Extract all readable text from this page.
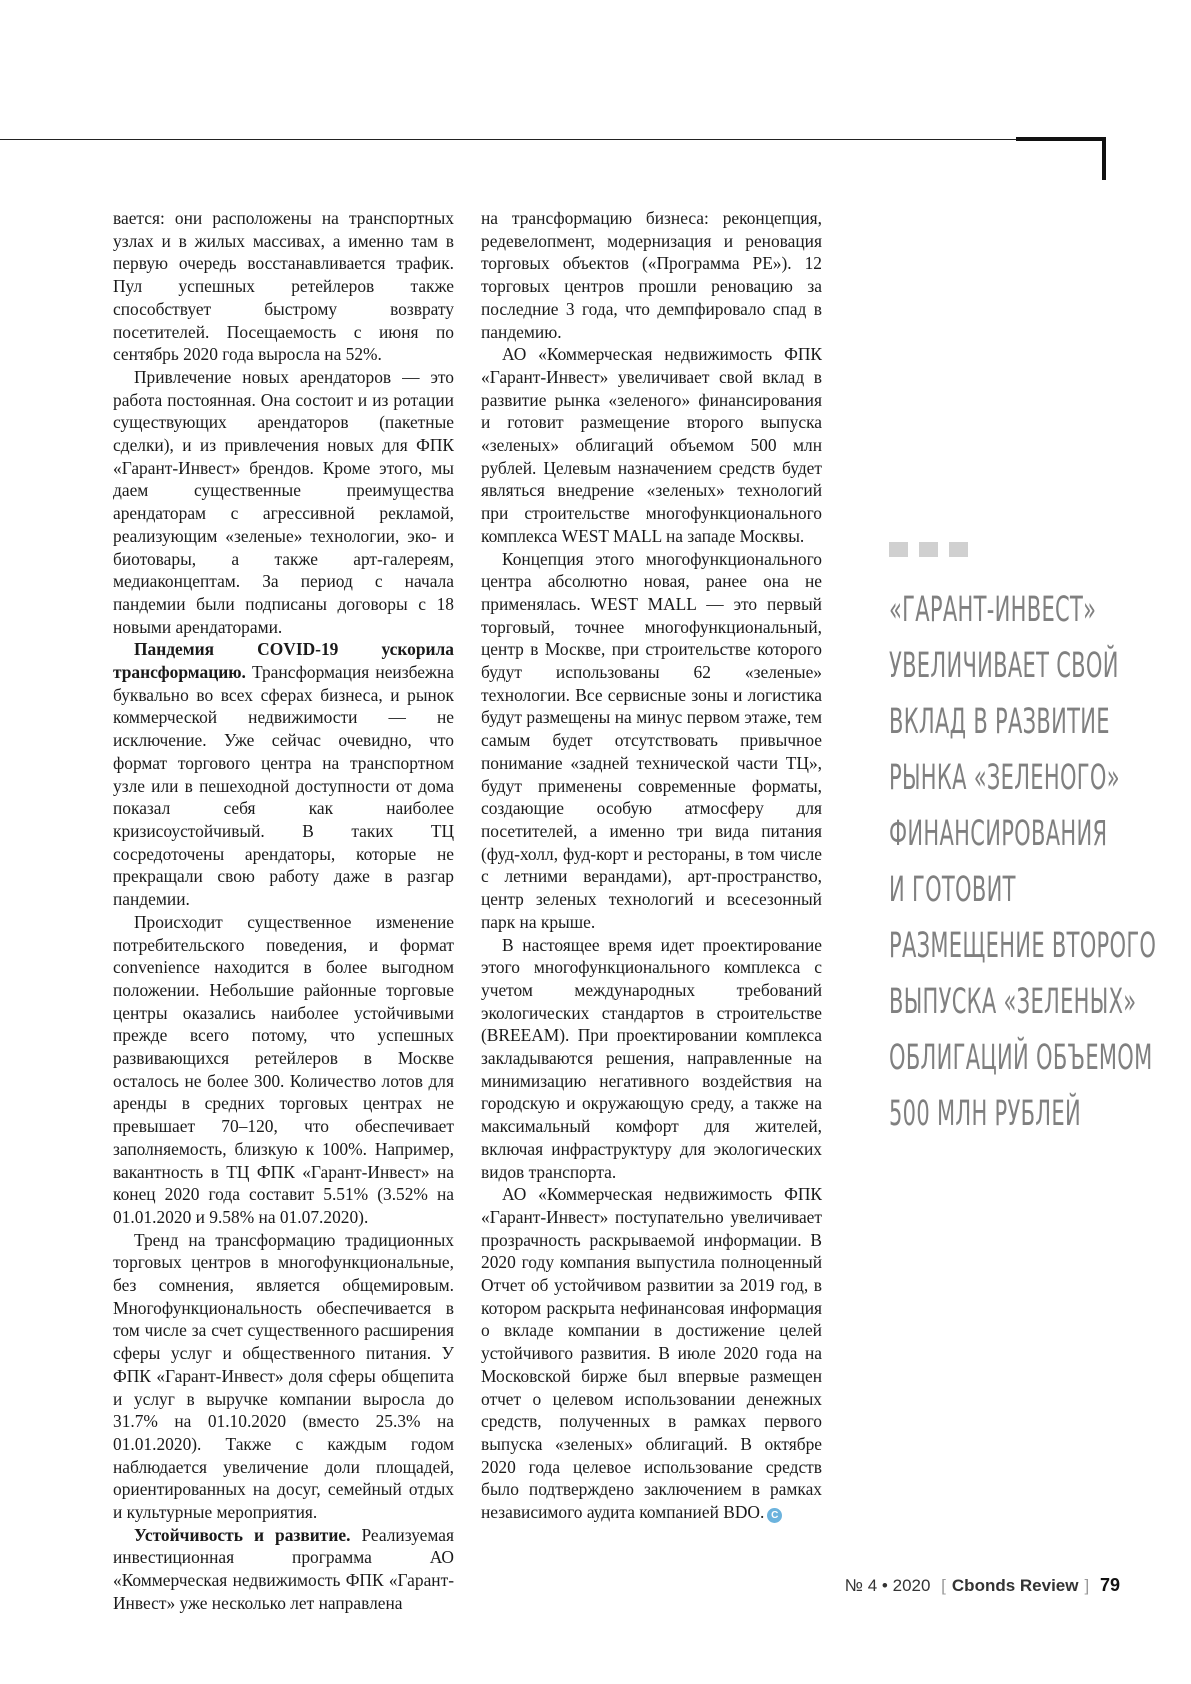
вается: они расположены на транспортных узлах и в жилых массивах, а именно там в первую очередь восстанавливается трафик. Пул успешных ретейлеров также способствует быстрому возврату посетителей. Посещаемость с июня по сентябрь 2020 года выросла на 52%.

Привлечение новых арендаторов — это работа постоянная. Она состоит и из ротации существующих арендаторов (пакетные сделки), и из привлечения новых для ФПК «Гарант-Инвест» брендов. Кроме этого, мы даем существенные преимущества арендаторам с агрессивной рекламой, реализующим «зеленые» технологии, эко- и биотовары, а также арт-галереям, медиаконцептам. За период с начала пандемии были подписаны договоры с 18 новыми арендаторами.

Пандемия COVID-19 ускорила трансформацию. Трансформация неизбежна буквально во всех сферах бизнеса, и рынок коммерческой недвижимости — не исключение. Уже сейчас очевидно, что формат торгового центра на транспортном узле или в пешеходной доступности от дома показал себя как наиболее кризисоустойчивый. В таких ТЦ сосредоточены арендаторы, которые не прекращали свою работу даже в разгар пандемии.

Происходит существенное изменение потребительского поведения, и формат convenience находится в более выгодном положении. Небольшие районные торговые центры оказались наиболее устойчивыми прежде всего потому, что успешных развивающихся ретейлеров в Москве осталось не более 300. Количество лотов для аренды в средних торговых центрах не превышает 70–120, что обеспечивает заполняемость, близкую к 100%. Например, вакантность в ТЦ ФПК «Гарант-Инвест» на конец 2020 года составит 5.51% (3.52% на 01.01.2020 и 9.58% на 01.07.2020).

Тренд на трансформацию традиционных торговых центров в многофункциональные, без сомнения, является общемировым. Многофункциональность обеспечивается в том числе за счет существенного расширения сферы услуг и общественного питания. У ФПК «Гарант-Инвест» доля сферы общепита и услуг в выручке компании выросла до 31.7% на 01.10.2020 (вместо 25.3% на 01.01.2020). Также с каждым годом наблюдается увеличение доли площадей, ориентированных на досуг, семейный отдых и культурные мероприятия.

Устойчивость и развитие. Реализуемая инвестиционная программа АО «Коммерческая недвижимость ФПК «Гарант-Инвест» уже несколько лет направлена

на трансформацию бизнеса: реконцепция, редевелопмент, модернизация и реновация торговых объектов («Программа РЕ»). 12 торговых центров прошли реновацию за последние 3 года, что демпфировало спад в пандемию.

АО «Коммерческая недвижимость ФПК «Гарант-Инвест» увеличивает свой вклад в развитие рынка «зеленого» финансирования и готовит размещение второго выпуска «зеленых» облигаций объемом 500 млн рублей. Целевым назначением средств будет являться внедрение «зеленых» технологий при строительстве многофункционального комплекса WEST MALL на западе Москвы.

Концепция этого многофункционального центра абсолютно новая, ранее она не применялась. WEST MALL — это первый торговый, точнее многофункциональный, центр в Москве, при строительстве которого будут использованы 62 «зеленые» технологии. Все сервисные зоны и логистика будут размещены на минус первом этаже, тем самым будет отсутствовать привычное понимание «задней технической части ТЦ», будут применены современные форматы, создающие особую атмосферу для посетителей, а именно три вида питания (фуд-холл, фуд-корт и рестораны, в том числе с летними верандами), арт-пространство, центр зеленых технологий и всесезонный парк на крыше.

В настоящее время идет проектирование этого многофункционального комплекса с учетом международных требований экологических стандартов в строительстве (BREEAM). При проектировании комплекса закладываются решения, направленные на минимизацию негативного воздействия на городскую и окружающую среду, а также на максимальный комфорт для жителей, включая инфраструктуру для экологических видов транспорта.

АО «Коммерческая недвижимость ФПК «Гарант-Инвест» поступательно увеличивает прозрачность раскрываемой информации. В 2020 году компания выпустила полноценный Отчет об устойчивом развитии за 2019 год, в котором раскрыта нефинансовая информация о вкладе компании в достижение целей устойчивого развития. В июле 2020 года на Московской бирже был впервые размещен отчет о целевом использовании денежных средств, полученных в рамках первого выпуска «зеленых» облигаций. В октябре 2020 года целевое использование средств было подтверждено заключением в рамках независимого аудита компанией BDO. C

«ГАРАНТ-ИНВЕСТ»
УВЕЛИЧИВАЕТ СВОЙ
ВКЛАД В РАЗВИТИЕ
РЫНКА «ЗЕЛЕНОГО»
ФИНАНСИРОВАНИЯ
И ГОТОВИТ
РАЗМЕЩЕНИЕ ВТОРОГО
ВЫПУСКА «ЗЕЛЕНЫХ»
ОБЛИГАЦИЙ ОБЪЕМОМ
500 МЛН РУБЛЕЙ
№ 4 • 2020 [ Cbonds Review ] 79
